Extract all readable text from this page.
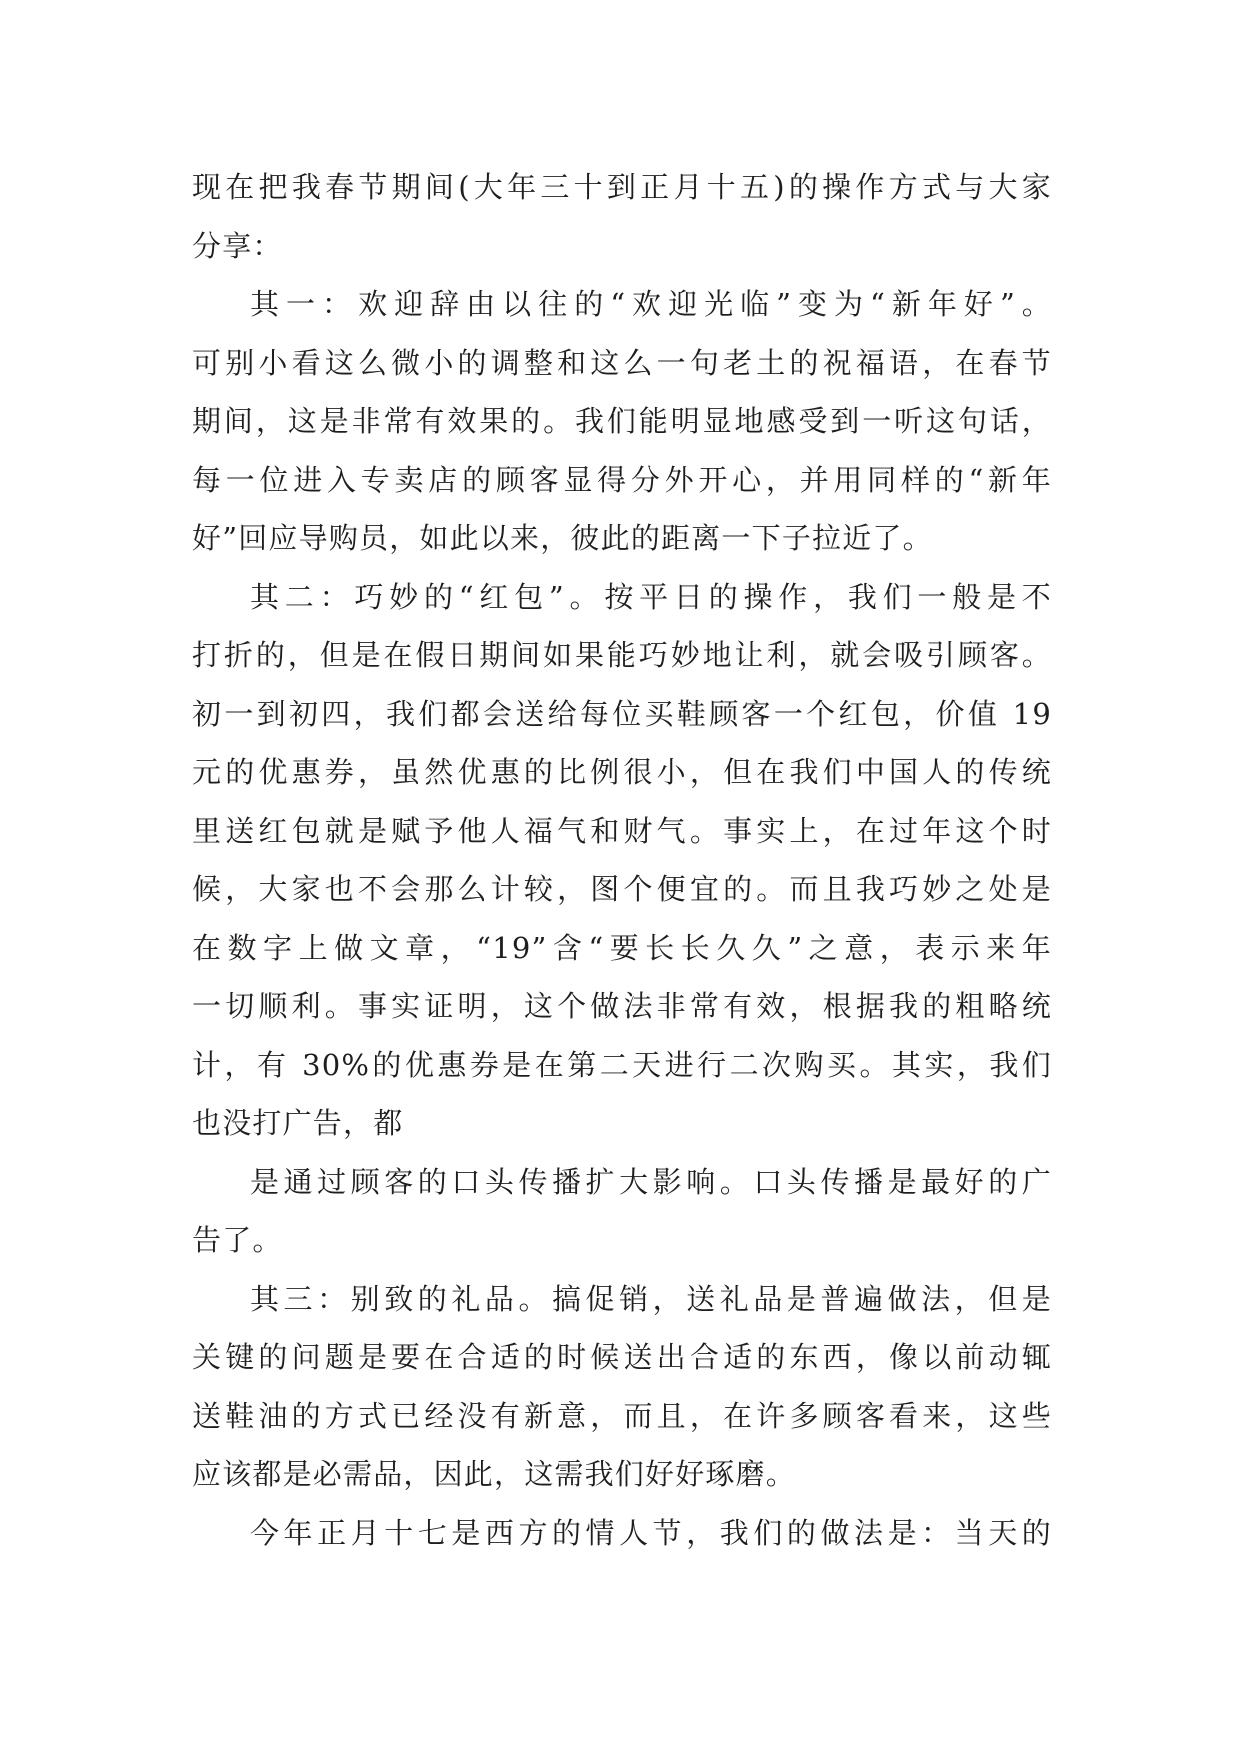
现在把我春节期间(大年三十到正月十五)的操作方式与大家
分享：
其一：欢迎辞由以往的“欢迎光临”变为“新年好”。
可别小看这么微小的调整和这么一句老土的祝福语，在春节
期间，这是非常有效果的。我们能明显地感受到一听这句话，
每一位进入专卖店的顾客显得分外开心，并用同样的“新年
好”回应导购员，如此以来，彼此的距离一下子拉近了。
其二：巧妙的“红包”。按平日的操作，我们一般是不
打折的，但是在假日期间如果能巧妙地让利，就会吸引顾客。
初一到初四，我们都会送给每位买鞋顾客一个红包，价值 19
元的优惠券，虽然优惠的比例很小，但在我们中国人的传统
里送红包就是赋予他人福气和财气。事实上，在过年这个时
候，大家也不会那么计较，图个便宜的。而且我巧妙之处是
在数字上做文章，“19”含“要长长久久”之意，表示来年
一切顺利。事实证明，这个做法非常有效，根据我的粗略统
计，有 30%的优惠券是在第二天进行二次购买。其实，我们
也没打广告，都
是通过顾客的口头传播扩大影响。口头传播是最好的广
告了。
其三：别致的礼品。搞促销，送礼品是普遍做法，但是
关键的问题是要在合适的时候送出合适的东西，像以前动辄
送鞋油的方式已经没有新意，而且，在许多顾客看来，这些
应该都是必需品，因此，这需我们好好琢磨。
今年正月十七是西方的情人节，我们的做法是：当天的
